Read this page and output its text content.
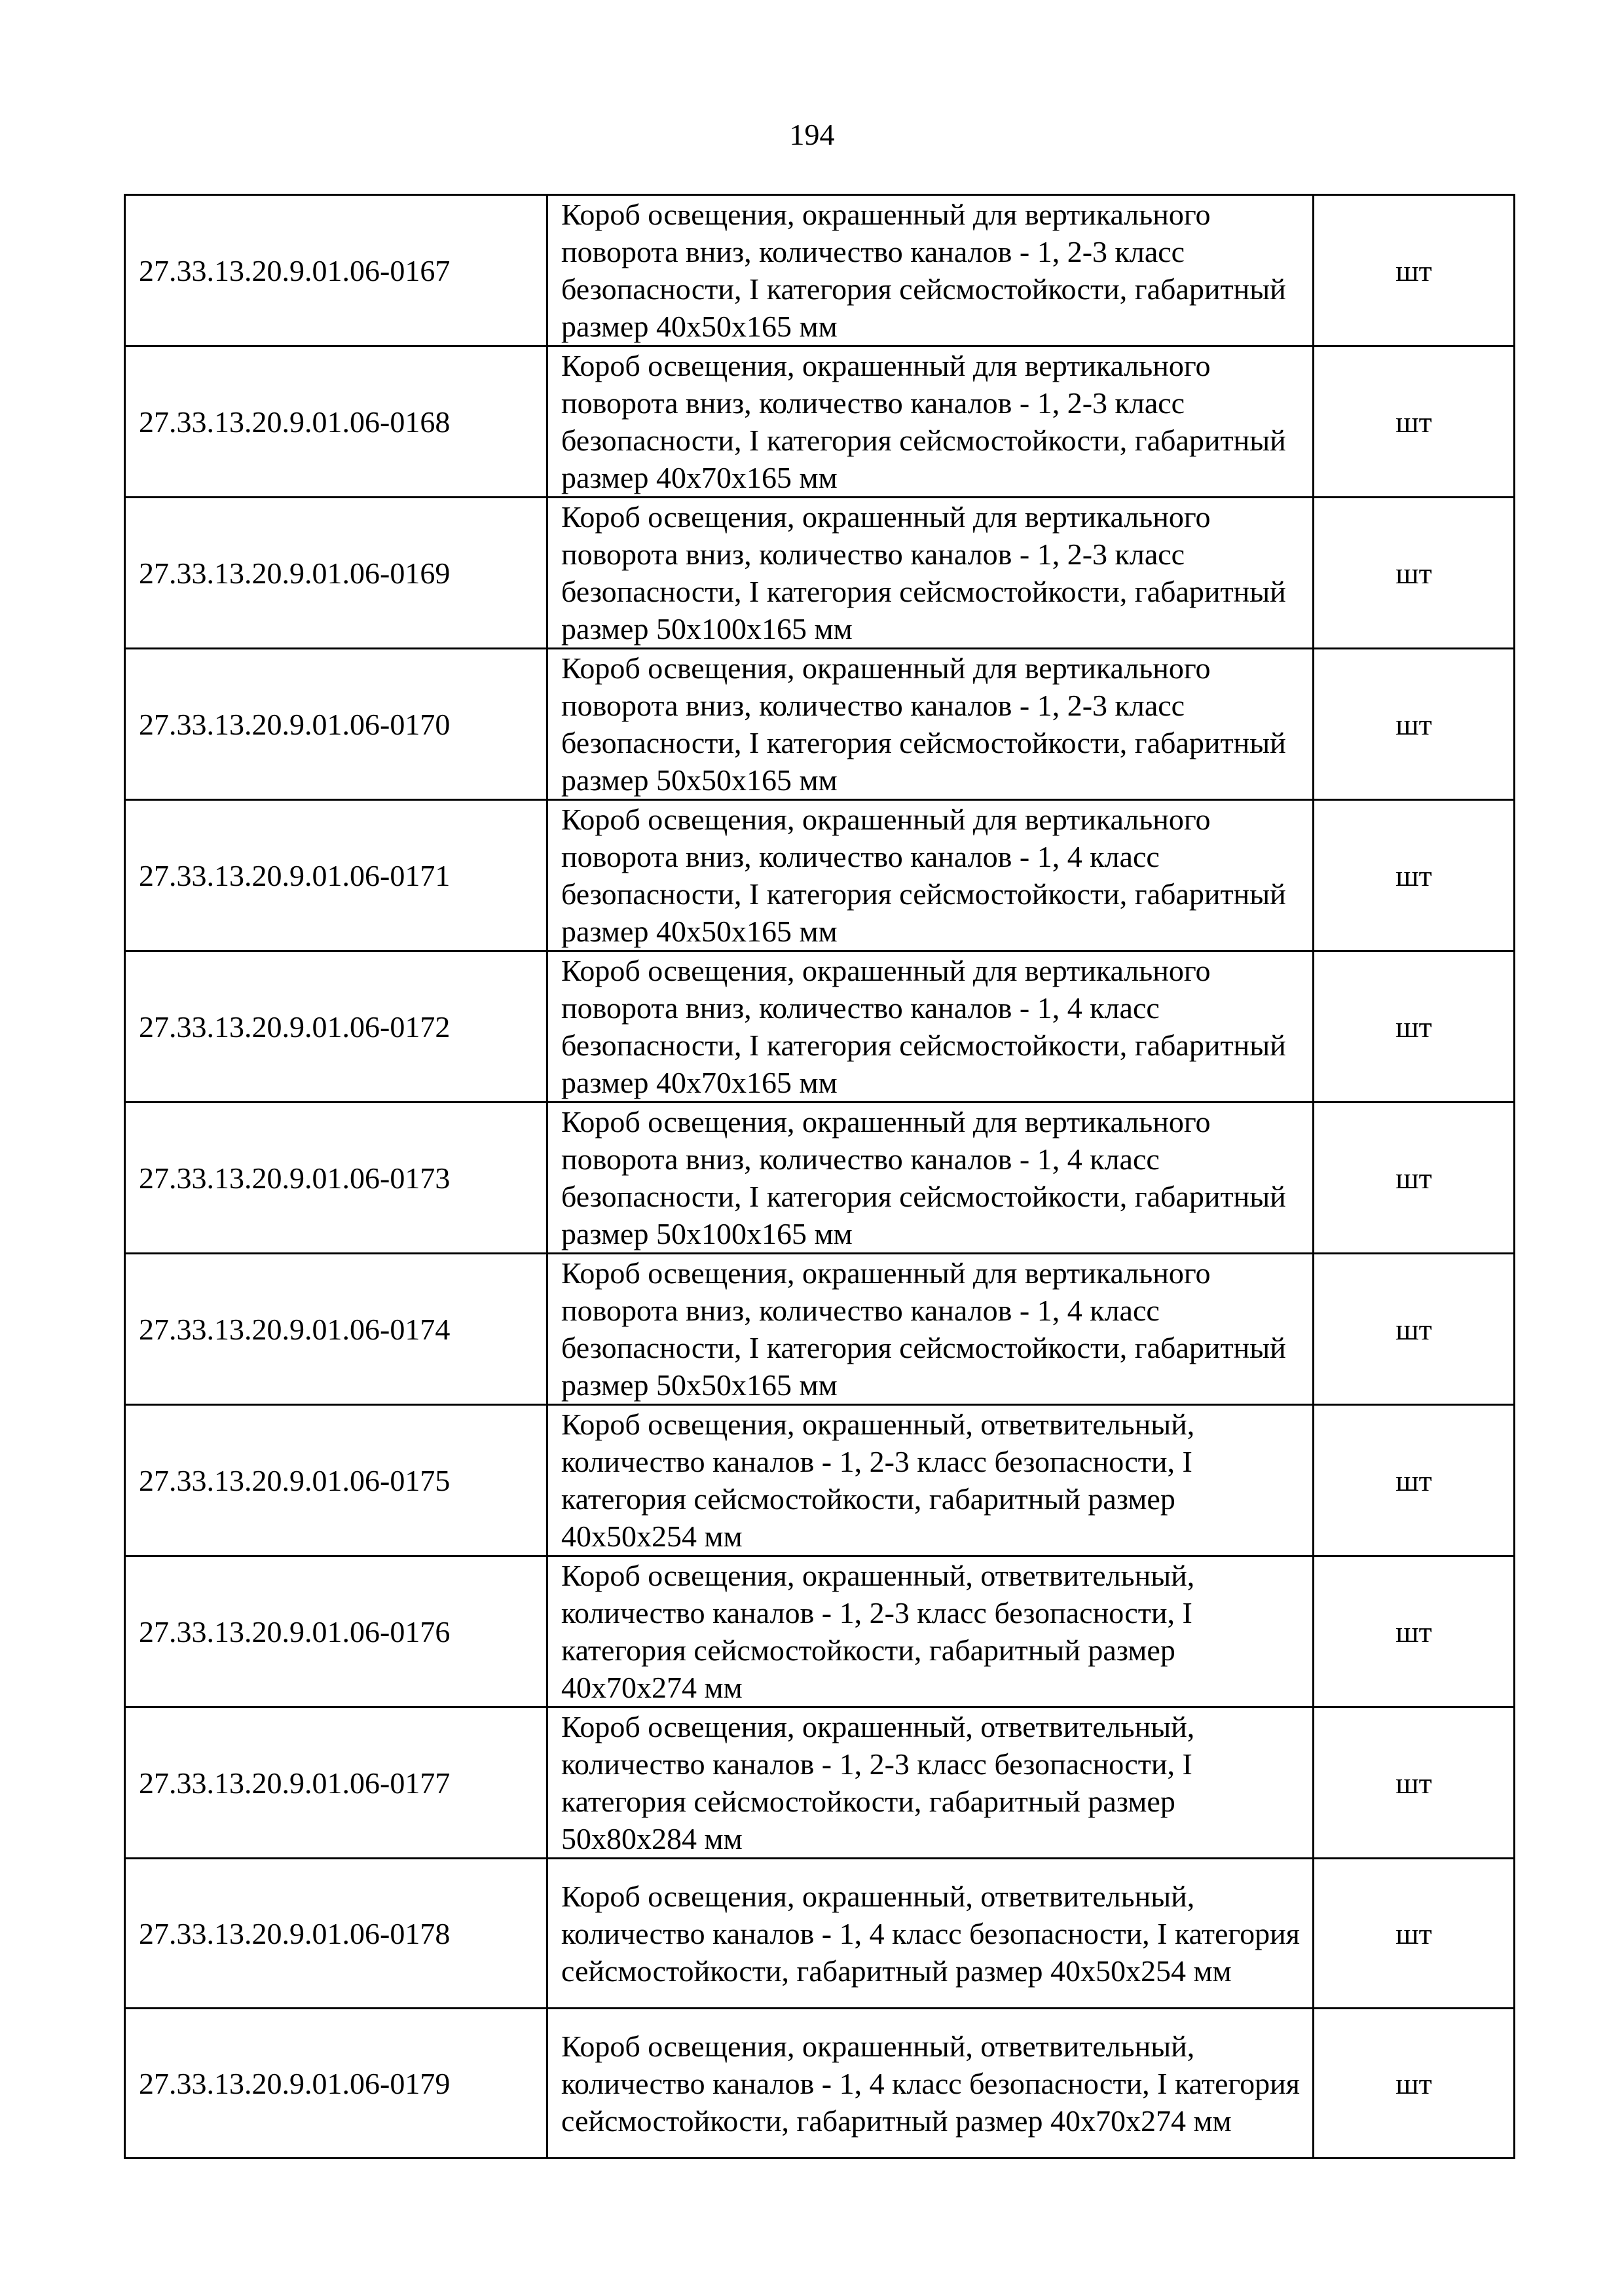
194
27.33.13.20.9.01.06-0167	Короб освещения, окрашенный для вертикального поворота вниз, количество каналов - 1, 2-3 класс безопасности, I категория сейсмостойкости, габаритный размер 40x50x165 мм	шт
27.33.13.20.9.01.06-0168	Короб освещения, окрашенный для вертикального поворота вниз, количество каналов - 1, 2-3 класс безопасности, I категория сейсмостойкости, габаритный размер 40x70x165 мм	шт
27.33.13.20.9.01.06-0169	Короб освещения, окрашенный для вертикального поворота вниз, количество каналов - 1, 2-3 класс безопасности, I категория сейсмостойкости, габаритный размер 50x100x165 мм	шт
27.33.13.20.9.01.06-0170	Короб освещения, окрашенный для вертикального поворота вниз, количество каналов - 1, 2-3 класс безопасности, I категория сейсмостойкости, габаритный размер 50x50x165 мм	шт
27.33.13.20.9.01.06-0171	Короб освещения, окрашенный для вертикального поворота вниз, количество каналов - 1, 4 класс безопасности, I категория сейсмостойкости, габаритный размер 40x50x165 мм	шт
27.33.13.20.9.01.06-0172	Короб освещения, окрашенный для вертикального поворота вниз, количество каналов - 1, 4 класс безопасности, I категория сейсмостойкости, габаритный размер 40x70x165 мм	шт
27.33.13.20.9.01.06-0173	Короб освещения, окрашенный для вертикального поворота вниз, количество каналов - 1, 4 класс безопасности, I категория сейсмостойкости, габаритный размер 50x100x165 мм	шт
27.33.13.20.9.01.06-0174	Короб освещения, окрашенный для вертикального поворота вниз, количество каналов - 1, 4 класс безопасности, I категория сейсмостойкости, габаритный размер 50x50x165 мм	шт
27.33.13.20.9.01.06-0175	Короб освещения, окрашенный, ответвительный, количество каналов - 1, 2-3 класс безопасности, I категория сейсмостойкости, габаритный размер 40x50x254 мм	шт
27.33.13.20.9.01.06-0176	Короб освещения, окрашенный, ответвительный, количество каналов - 1, 2-3 класс безопасности, I категория сейсмостойкости, габаритный размер 40x70x274 мм	шт
27.33.13.20.9.01.06-0177	Короб освещения, окрашенный, ответвительный, количество каналов - 1, 2-3 класс безопасности, I категория сейсмостойкости, габаритный размер 50x80x284 мм	шт
27.33.13.20.9.01.06-0178	Короб освещения, окрашенный, ответвительный, количество каналов - 1, 4 класс безопасности, I категория сейсмостойкости, габаритный размер 40x50x254 мм	шт
27.33.13.20.9.01.06-0179	Короб освещения, окрашенный, ответвительный, количество каналов - 1, 4 класс безопасности, I категория сейсмостойкости, габаритный размер 40x70x274 мм	шт
